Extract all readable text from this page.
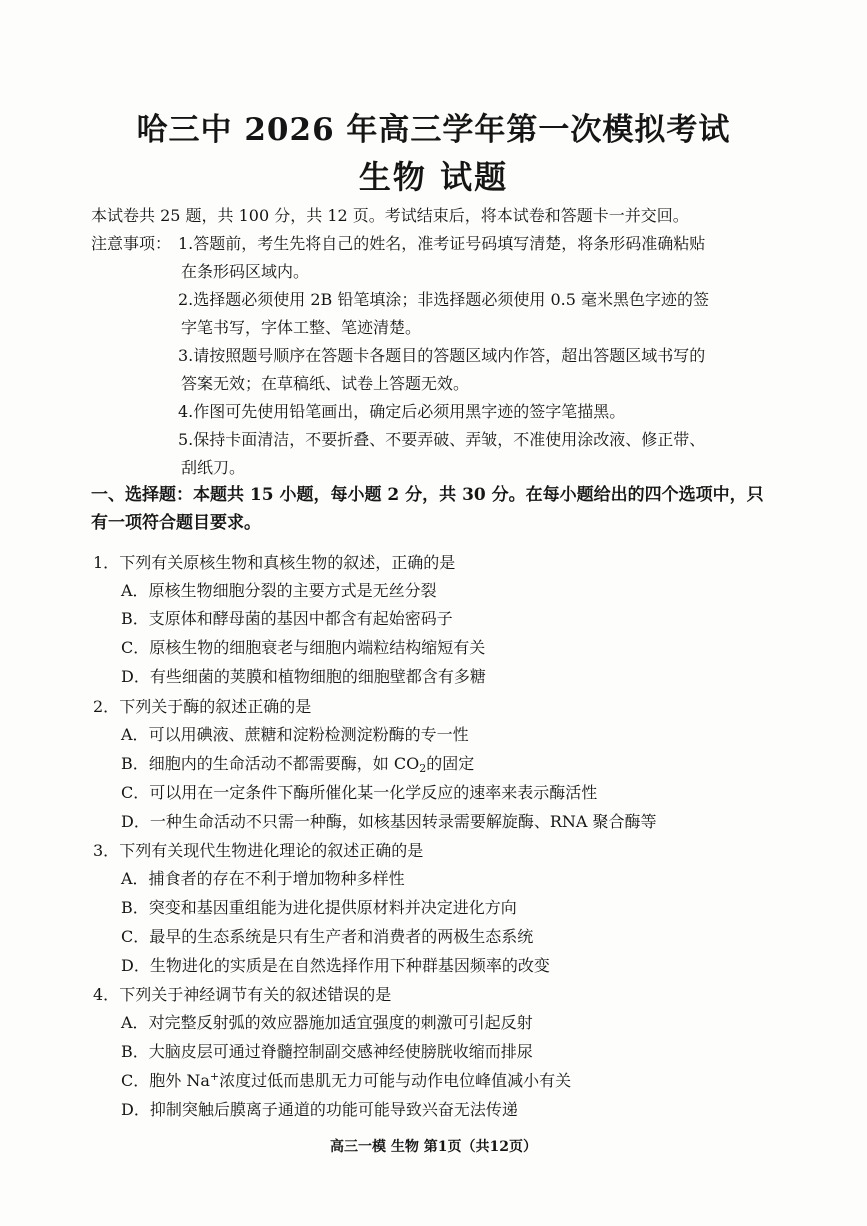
哈三中 2026 年高三学年第一次模拟考试
生物 试题
本试卷共 25 题，共 100 分，共 12 页。考试结束后，将本试卷和答题卡一并交回。
注意事项： 1.答题前，考生先将自己的姓名，准考证号码填写清楚，将条形码准确粘贴
在条形码区域内。
2.选择题必须使用 2B 铅笔填涂；非选择题必须使用 0.5 毫米黑色字迹的签
字笔书写，字体工整、笔迹清楚。
3.请按照题号顺序在答题卡各题目的答题区域内作答，超出答题区域书写的
答案无效；在草稿纸、试卷上答题无效。
4.作图可先使用铅笔画出，确定后必须用黑字迹的签字笔描黑。
5.保持卡面清洁，不要折叠、不要弄破、弄皱，不准使用涂改液、修正带、
刮纸刀。
一、选择题：本题共 15 小题，每小题 2 分，共 30 分。在每小题给出的四个选项中，只
有一项符合题目要求。
1．下列有关原核生物和真核生物的叙述，正确的是
A．原核生物细胞分裂的主要方式是无丝分裂
B．支原体和酵母菌的基因中都含有起始密码子
C．原核生物的细胞衰老与细胞内端粒结构缩短有关
D．有些细菌的荚膜和植物细胞的细胞壁都含有多糖
2．下列关于酶的叙述正确的是
A．可以用碘液、蔗糖和淀粉检测淀粉酶的专一性
B．细胞内的生命活动不都需要酶，如 $CO_2$的固定
C．可以用在一定条件下酶所催化某一化学反应的速率来表示酶活性
D．一种生命活动不只需一种酶，如核基因转录需要解旋酶、RNA 聚合酶等
3．下列有关现代生物进化理论的叙述正确的是
A．捕食者的存在不利于增加物种多样性
B．突变和基因重组能为进化提供原材料并决定进化方向
C．最早的生态系统是只有生产者和消费者的两极生态系统
D．生物进化的实质是在自然选择作用下种群基因频率的改变
4．下列关于神经调节有关的叙述错误的是
A．对完整反射弧的效应器施加适宜强度的刺激可引起反射
B．大脑皮层可通过脊髓控制副交感神经使膀胱收缩而排尿
C．胞外 Na+浓度过低而患肌无力可能与动作电位峰值减小有关
D．抑制突触后膜离子通道的功能可能导致兴奋无法传递
高三一模 生物 第1页（共12页）
